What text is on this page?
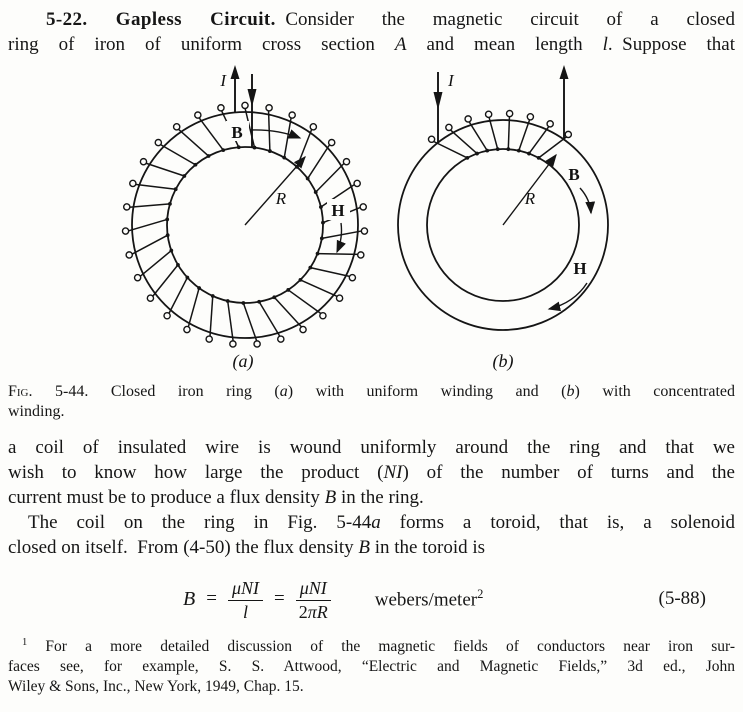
5-22. Gapless Circuit. Consider the magnetic circuit of a closed
ring of iron of uniform cross section A and mean length l. Suppose that
I
B
R
H
(a)
I
B
R
H
(b)
Fig. 5-44. Closed iron ring (a) with uniform winding and (b) with concentrated
winding.
a coil of insulated wire is wound uniformly around the ring and that we
wish to know how large the product (NI) of the number of turns and the
current must be to produce a flux density B in the ring.
The coil on the ring in Fig. 5-44a forms a toroid, that is, a solenoid
closed on itself. From (4-50) the flux density B in the toroid is
$B = \frac{\text{μNI}}{l} = \frac{\text{μNI}}{2\pi R}$ webers/meter$^2$	(5-88)
$^1$ For a more detailed discussion of the magnetic fields of conductors near iron sur-
faces see, for example, S. S. Attwood, “Electric and Magnetic Fields,” 3d ed., John
Wiley & Sons, Inc., New York, 1949, Chap. 15.
